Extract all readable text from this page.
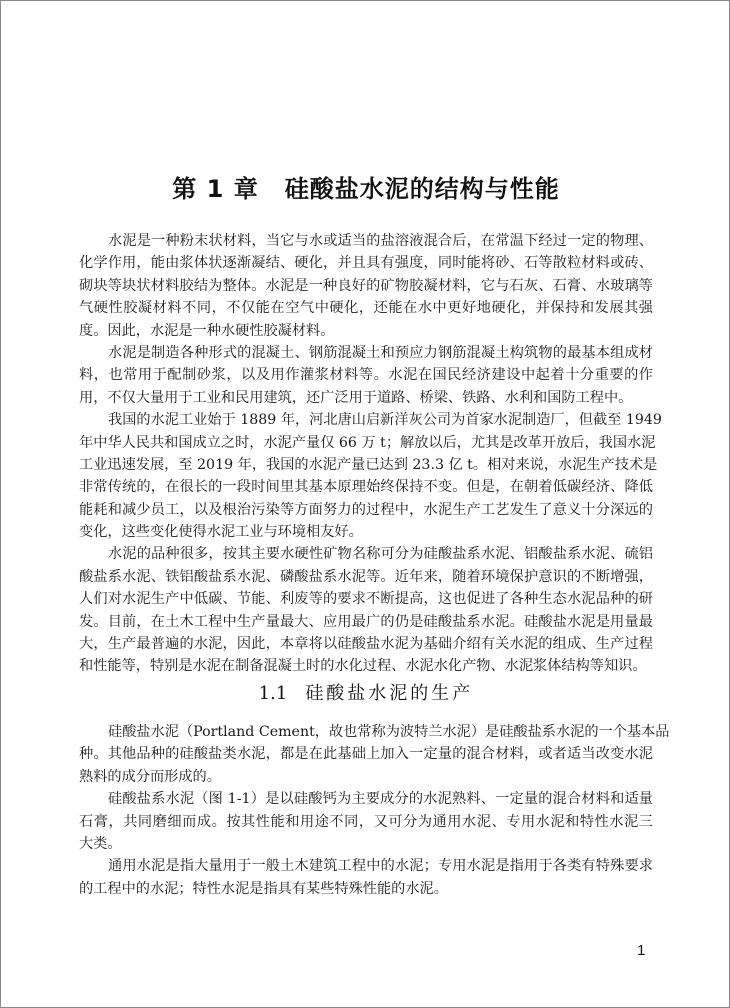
第 1 章 硅酸盐水泥的结构与性能
水泥是一种粉末状材料，当它与水或适当的盐溶液混合后，在常温下经过一定的物理、
化学作用，能由浆体状逐渐凝结、硬化，并且具有强度，同时能将砂、石等散粒材料或砖、
砌块等块状材料胶结为整体。水泥是一种良好的矿物胶凝材料，它与石灰、石膏、水玻璃等
气硬性胶凝材料不同，不仅能在空气中硬化，还能在水中更好地硬化，并保持和发展其强
度。因此，水泥是一种水硬性胶凝材料。
水泥是制造各种形式的混凝土、钢筋混凝土和预应力钢筋混凝土构筑物的最基本组成材
料，也常用于配制砂浆，以及用作灌浆材料等。水泥在国民经济建设中起着十分重要的作
用，不仅大量用于工业和民用建筑，还广泛用于道路、桥梁、铁路、水利和国防工程中。
我国的水泥工业始于 1889 年，河北唐山启新洋灰公司为首家水泥制造厂，但截至 1949
年中华人民共和国成立之时，水泥产量仅 66 万 t；解放以后，尤其是改革开放后，我国水泥
工业迅速发展，至 2019 年，我国的水泥产量已达到 23.3 亿 t。相对来说，水泥生产技术是
非常传统的，在很长的一段时间里其基本原理始终保持不变。但是，在朝着低碳经济、降低
能耗和减少员工，以及根治污染等方面努力的过程中，水泥生产工艺发生了意义十分深远的
变化，这些变化使得水泥工业与环境相友好。
水泥的品种很多，按其主要水硬性矿物名称可分为硅酸盐系水泥、铝酸盐系水泥、硫铝
酸盐系水泥、铁铝酸盐系水泥、磷酸盐系水泥等。近年来，随着环境保护意识的不断增强，
人们对水泥生产中低碳、节能、利废等的要求不断提高，这也促进了各种生态水泥品种的研
发。目前，在土木工程中生产量最大、应用最广的仍是硅酸盐系水泥。硅酸盐水泥是用量最
大，生产最普遍的水泥，因此，本章将以硅酸盐水泥为基础介绍有关水泥的组成、生产过程
和性能等，特别是水泥在制备混凝土时的水化过程、水泥水化产物、水泥浆体结构等知识。
1.1 硅酸盐水泥的生产
硅酸盐水泥（Portland Cement，故也常称为波特兰水泥）是硅酸盐系水泥的一个基本品
种。其他品种的硅酸盐类水泥，都是在此基础上加入一定量的混合材料，或者适当改变水泥
熟料的成分而形成的。
硅酸盐系水泥（图 1-1）是以硅酸钙为主要成分的水泥熟料、一定量的混合材料和适量
石膏，共同磨细而成。按其性能和用途不同，又可分为通用水泥、专用水泥和特性水泥三
大类。
通用水泥是指大量用于一般土木建筑工程中的水泥；专用水泥是指用于各类有特殊要求
的工程中的水泥；特性水泥是指具有某些特殊性能的水泥。
1
